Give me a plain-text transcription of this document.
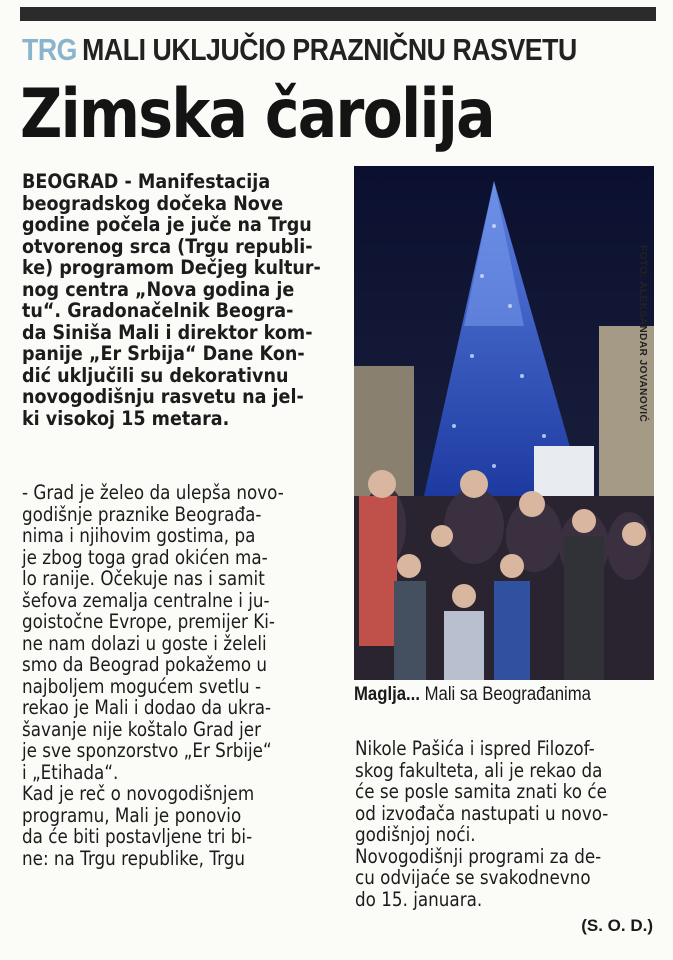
TRG MALI UKLJUČIO PRAZNIČNU RASVETU
Zimska čarolija

BEOGRAD - Manifestacija

beogradskog dočeka Nove

godine počela je juče na Trgu

otvorenog srca (Trgu republi-

ke) programom Dečjeg kultur-

nog centra „Nova godina je

tu“. Gradonačelnik Beogra-

da Siniša Mali i direktor kom-

panije „Er Srbija“ Dane Kon-

dić uključili su dekorativnu

novogodišnju rasvetu na jel-

ki visokoj 15 metara.

- Grad je želeo da ulepša novo-

godišnje praznike Beograđa-

nima i njihovim gostima, pa

je zbog toga grad okićen ma-

lo ranije. Očekuje nas i samit

šefova zemalja centralne i ju-

goistočne Evrope, premijer Ki-

ne nam dolazi u goste i želeli

smo da Beograd pokažemo u

najboljem mogućem svetlu -

rekao je Mali i dodao da ukra-

šavanje nije koštalo Grad jer

je sve sponzorstvo „Er Srbije“

i „Etihada“.

Kad je reč o novogodišnjem

programu, Mali je ponovio

da će biti postavljene tri bi-

ne: na Trgu republike, Trgu

Nikole Pašića i ispred Filozof-

skog fakulteta, ali je rekao da

će se posle samita znati ko će

od izvođača nastupati u novo-

godišnjoj noći.

Novogodišnji programi za de-

cu odvijaće se svakodnevno

do 15. januara.

FOTO: ALEKSANDAR JOVANOVIĆ
Maglja... Mali sa Beograđanima
(S. O. D.)
